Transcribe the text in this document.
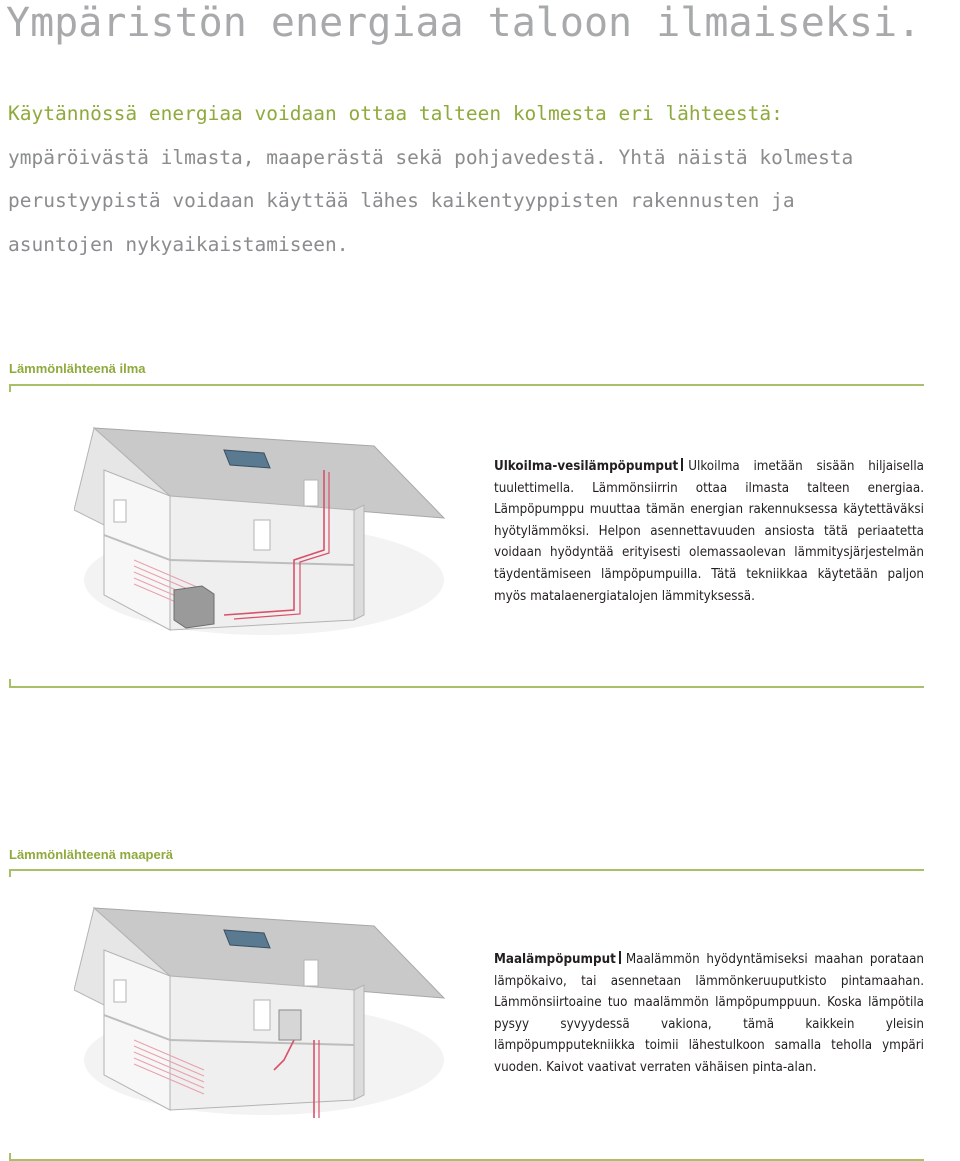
Ympäristön energiaa taloon ilmaiseksi.
Käytännössä energiaa voidaan ottaa talteen kolmesta eri lähteestä:
ympäröivästä ilmasta, maaperästä sekä pohjavedestä. Yhtä näistä kolmesta
perustyypistä voidaan käyttää lähes kaikentyyppisten rakennusten ja
asuntojen nykyaikaistamiseen.
Lämmönlähteenä ilma
Ulkoilma-vesilämpöpumput Ulkoilma imetään sisään hiljaisella tuulettimella. Lämmönsiirrin ottaa ilmasta talteen energiaa. Lämpöpumppu muuttaa tämän energian rakennuksessa käytettäväksi hyötylämmöksi. Helpon asennettavuuden ansiosta tätä periaatetta voidaan hyödyntää erityisesti olemassaolevan lämmitysjärjestelmän täydentämiseen lämpöpumpuilla. Tätä tekniikkaa käytetään paljon myös matalaenergiatalojen lämmityksessä.
Lämmönlähteenä maaperä
Maalämpöpumput Maalämmön hyödyntämiseksi maahan porataan lämpökaivo, tai asennetaan lämmönkeruuputkisto pintamaahan. Lämmönsiirtoaine tuo maalämmön lämpöpumppuun. Koska lämpötila pysyy syvyydessä vakiona, tämä kaikkein yleisin lämpöpumpputekniikka toimii lähestulkoon samalla teholla ympäri vuoden. Kaivot vaativat verraten vähäisen pinta-alan.
